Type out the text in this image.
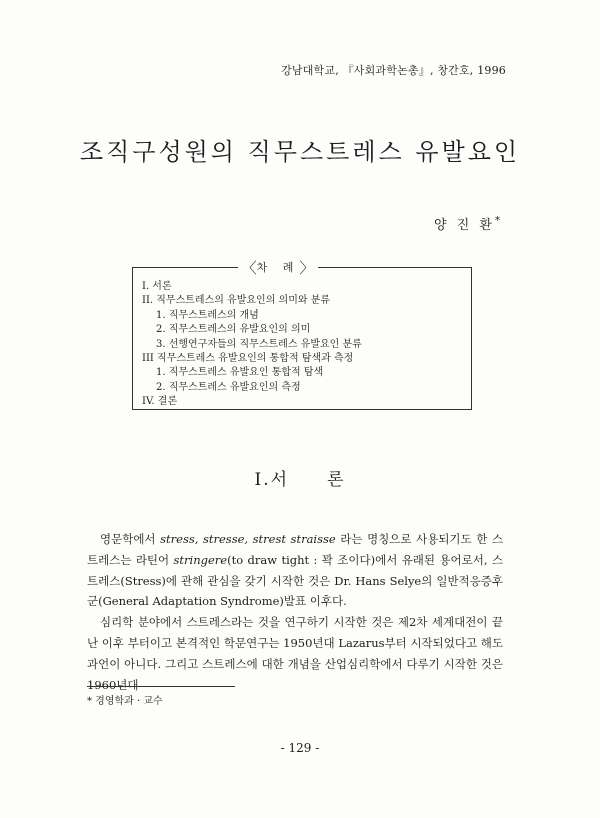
강남대학교, 『사회과학논총』, 창간호, 1996
조직구성원의 직무스트레스 유발요인
양 진 환*
〈 차 례 〉
I. 서론
II. 직무스트레스의 유발요인의 의미와 분류
1. 직무스트레스의 개념
2. 직무스트레스의 유발요인의 의미
3. 선행연구자들의 직무스트레스 유발요인 분류
III 직무스트레스 유발요인의 통합적 탐색과 측정
1. 직무스트레스 유발요인 통합적 탐색
2. 직무스트레스 유발요인의 측정
IV. 결론
I.서 론

영문학에서 stress, stresse, strest straisse 라는 명칭으로 사용되기도 한 스트레스는 라틴어 stringere(to draw tight : 꽉 조이다)에서 유래된 용어로서, 스트레스(Stress)에 관해 관심을 갖기 시작한 것은 Dr. Hans Selye의 일반적응증후군(General Adaptation Syndrome)발표 이후다.

심리학 분야에서 스트레스라는 것을 연구하기 시작한 것은 제2차 세계대전이 끝난 이후 부터이고 본격적인 학문연구는 1950년대 Lazarus부터 시작되었다고 해도 과언이 아니다. 그리고 스트레스에 대한 개념을 산업심리학에서 다루기 시작한 것은 1960년대

* 경영학과 · 교수
- 129 -
